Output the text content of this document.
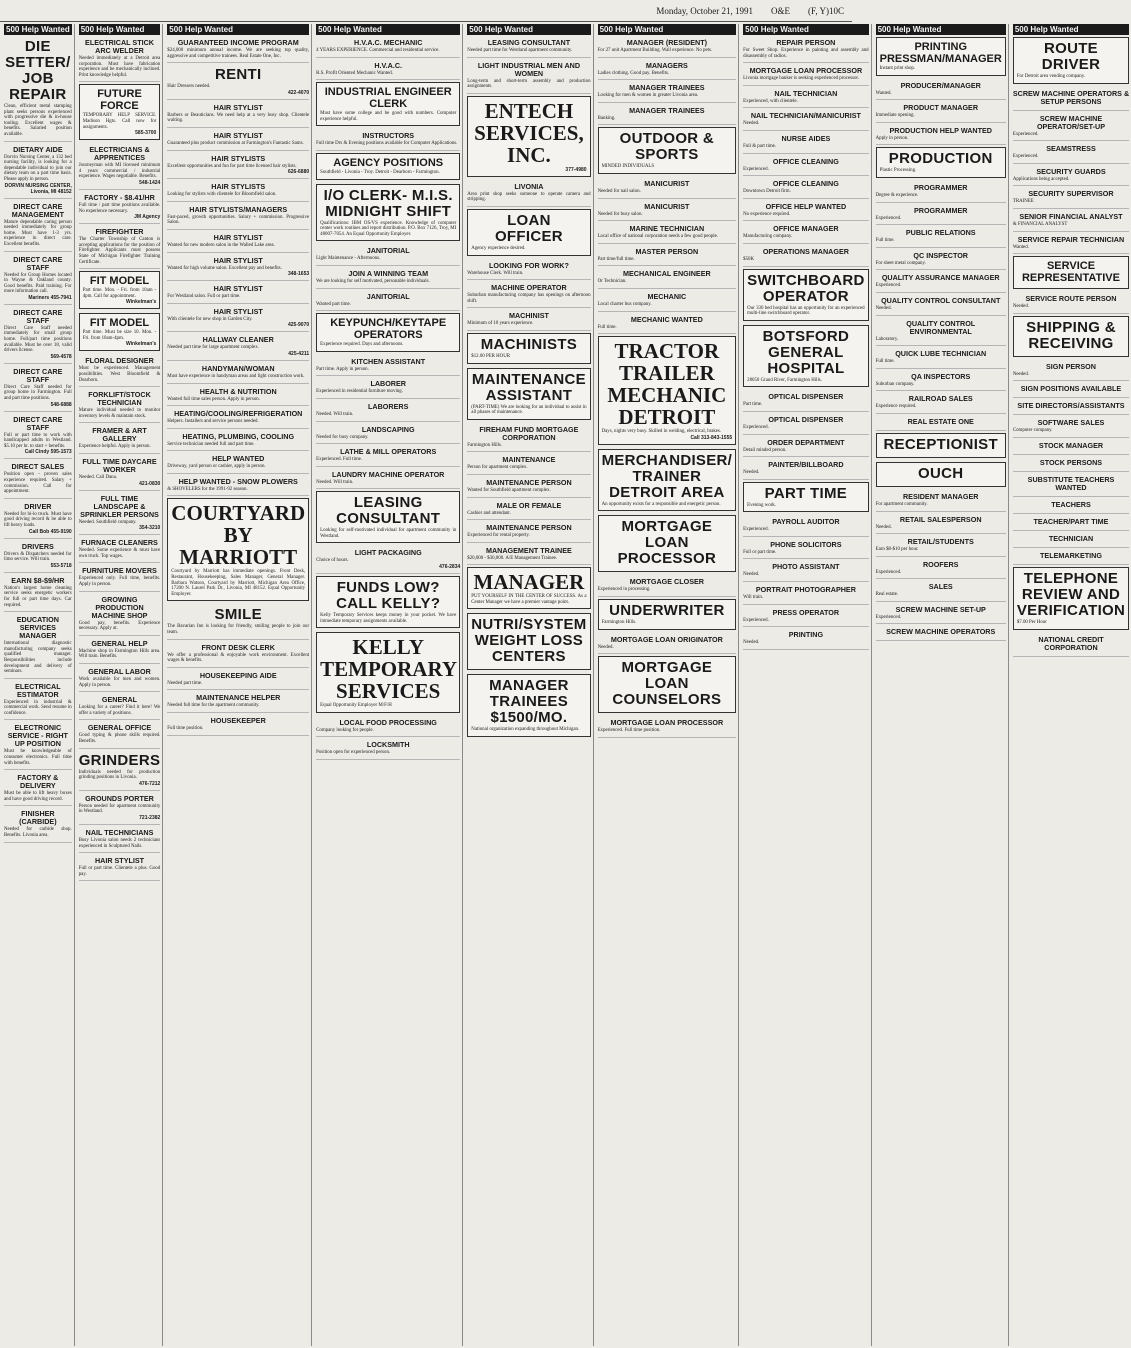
Monday, October 21, 1991 O&E (F, Y)10C
500 Help Wanted
DIE SETTER/ JOB REPAIR
Clean, efficient metal stamping plant seeks persons experienced with progressive die & in-house tooling. Excellent wages & benefits. Salaried position available.
DIETARY AIDE
Dorvin Nursing Center, a 132 bed nursing facility, is looking for a dependable individual to join our dietary team on a part time basis. Please apply in person.
DORVIN NURSING CENTER, Livonia, MI 48152
DIRECT CARE MANAGEMENT
Mature dependable caring person needed immediately for group home. Must have 1-3 yrs. experience in direct care. Excellent benefits.
DIRECT CARE STAFF
Needed for Group Homes located in Wayne & Oakland county. Good benefits. Paid training. For more information call.
Mariners 455-7941
DIRECT CARE STAFF
Direct Care Staff needed immediately for small group home. Full/part time positions available. Must be over 18, valid drivers license.
569-4578
DIRECT CARE STAFF
Direct Care Staff needed for group home in Farmington. Full and part time positions.
548-6888
DIRECT CARE STAFF
Full or part time to work with handicapped adults in Westland. $5.10 per hr. to start + benefits.
Call Cindy 595-1573
DIRECT SALES
Position open - proven sales experience required. Salary + commission. Call for appointment.
DRIVER
Needed for hi-lo truck. Must have good driving record & be able to lift heavy loads.
Call Bob 455-9190
DRIVERS
Drivers & Dispatchers needed for limo service. Will train.
553-5718
EARN $8-$9/HR
Nation's largest home cleaning service seeks energetic workers for full or part time days. Car required.
EDUCATION SERVICES MANAGER
International diagnostic manufacturing company seeks qualified manager. Responsibilities include development and delivery of seminars.
ELECTRICAL ESTIMATOR
Experienced in industrial & commercial work. Send resume in confidence.
ELECTRONIC SERVICE - RIGHT UP POSITION
Must be knowledgeable of consumer electronics. Full time with benefits.
FACTORY & DELIVERY
Must be able to lift heavy boxes and have good driving record.
FINISHER (CARBIDE)
Needed for carbide shop. Benefits. Livonia area.
500 Help Wanted
ELECTRICAL STICK ARC WELDER
Needed immediately at a Detroit area corporation. Must have fabrication experience and be mechanically inclined. Print knowledge helpful.
FUTURE FORCE
TEMPORARY HELP SERVICE. Madison Hgts. Call now for assignments.
585-3700
ELECTRICIANS & APPRENTICES
Journeyman with MI licensed minimum 4 years commercial / industrial experience. Wages negotiable. Benefits.
548-1424
FACTORY - $8.41/HR
Full time / part time positions available. No experience necessary.
JM Agency
FIREFIGHTER
The Charter Township of Canton is accepting applications for the position of Firefighter. Applicants must possess State of Michigan Firefighter Training Certificate.
FIT MODEL
Part time. Mon. - Fri. from 10am - 4pm. Call for appointment.
Winkelman's
FIT MODEL
Part time. Must be size 10. Mon. - Fri. from 10am-4pm.
Winkelman's
FLORAL DESIGNER
Must be experienced. Management possibilities. West Bloomfield & Dearborn.
FORKLIFT/STOCK TECHNICIAN
Mature individual needed to monitor inventory levels & maintain stock.
FRAMER & ART GALLERY
Experience helpful. Apply in person.
FULL TIME DAYCARE WORKER
Needed. Call Dana.
421-0830
FULL TIME LANDSCAPE & SPRINKLER PERSONS
Needed. Southfield company.
354-3210
FURNACE CLEANERS
Needed. Some experience & must have own truck. Top wages.
FURNITURE MOVERS
Experienced only. Full time, benefits. Apply in person.
GROWING PRODUCTION MACHINE SHOP
Good pay, benefits. Experience necessary. Apply at.
GENERAL HELP
Machine shop in Farmington Hills area. Will train. Benefits.
GENERAL LABOR
Work available for men and women. Apply in person.
GENERAL
Looking for a career? Find it here! We offer a variety of positions.
GENERAL OFFICE
Good typing & phone skills required. Benefits.
GRINDERS
Individuals needed for production grinding positions in Livonia.
476-7212
GROUNDS PORTER
Person needed for apartment community in Westland.
721-2382
NAIL TECHNICIANS
Busy Livonia salon needs 2 technicians experienced in Sculptured Nails.
HAIR STYLIST
Full or part time. Clientele a plus. Good pay.
500 Help Wanted
GUARANTEED INCOME PROGRAM
$24,000 minimum annual income. We are seeking top quality, aggressive and competitive trainees. Real Estate One, Inc.
RENTI
Hair Dressers needed.
422-4070
HAIR STYLIST
Barbers or Beauticians. We need help at a very busy shop. Clientele waiting.
HAIR STYLIST
Guaranteed plus product commission at Farmington's Fantastic Sams.
HAIR STYLISTS
Excellent opportunities and fun for part time licensed hair stylists.
626-6880
HAIR STYLISTS
Looking for stylists with clientele for Bloomfield salon.
HAIR STYLISTS/MANAGERS
Fast-paced, growth opportunities. Salary + commission. Progressive Salon.
HAIR STYLIST
Wanted for new modern salon in the Walled Lake area.
HAIR STYLIST
Wanted for high volume salon. Excellent pay and benefits.
348-1653
HAIR STYLIST
For Westland salon. Full or part time.
HAIR STYLIST
With clientele for new shop in Garden City.
425-9070
HALLWAY CLEANER
Needed part time for large apartment complex.
425-4211
HANDYMAN/WOMAN
Must have experience in handyman areas and light construction work.
HEALTH & NUTRITION
Wanted full time sales person. Apply in person.
HEATING/COOLING/REFRIGERATION
Helpers. Installers and service persons needed.
HEATING, PLUMBING, COOLING
Service technician needed full and part time.
HELP WANTED
Driveway, yard person or cashier, apply in person.
HELP WANTED - SNOW PLOWERS
& SHOVELERS for the 1991-92 season.
COURTYARD BY MARRIOTT
Courtyard by Marriott has immediate openings. Front Desk, Restaurant, Housekeeping, Sales Manager, General Manager. Barbara Watson, Courtyard by Marriott, Michigan Area Office, 17200 N. Laurel Park Dr., Livonia, MI 48152. Equal Opportunity Employer.
SMILE
The Bavarian Inn is looking for friendly, smiling people to join our team.
FRONT DESK CLERK
We offer a professional & enjoyable work environment. Excellent wages & benefits.
HOUSEKEEPING AIDE
Needed part time.
MAINTENANCE HELPER
Needed full time for the apartment community.
HOUSEKEEPER
Full time position.
500 Help Wanted
H.V.A.C. MECHANIC
4 YEARS EXPERIENCE. Commercial and residential service.
H.V.A.C.
R.S. Profit Oriented Mechanic Wanted.
INDUSTRIAL ENGINEER CLERK
Must have some college and be good with numbers. Computer experience helpful.
INSTRUCTORS
Full time Drs & Evening positions available for Computer Applications.
AGENCY POSITIONS
Southfield - Livonia - Troy. Detroit - Dearborn - Farmington.
I/O CLERK- M.I.S. MIDNIGHT SHIFT
Qualifications: IBM OS/VS experience. Knowledge of computer center work routines and report distribution. P.O. Box 7126, Troy, MI 48007-7054. An Equal Opportunity Employer.
JANITORIAL
Light Maintenance - Afternoons.
JOIN A WINNING TEAM
We are looking for self motivated, personable individuals.
JANITORIAL
Wanted part time.
KEYPUNCH/KEYTAPE OPERATORS
Experience required. Days and afternoons.
KITCHEN ASSISTANT
Part time. Apply in person.
LABORER
Experienced in residential furniture moving.
LABORERS
Needed. Will train.
LANDSCAPING
Needed for busy company.
LATHE & MILL OPERATORS
Experienced. Full time.
LAUNDRY MACHINE OPERATOR
Needed. Will train.
LEASING CONSULTANT
Looking for self-motivated individual for apartment community in Westland.
LIGHT PACKAGING
Choice of hours.
476-2834
FUNDS LOW? CALL KELLY?
Kelly Temporary Services keeps money in your pocket. We have immediate temporary assignments available.
KELLY TEMPORARY SERVICES
Equal Opportunity Employer M/F/H
LOCAL FOOD PROCESSING
Company looking for people.
LOCKSMITH
Position open for experienced person.
500 Help Wanted
LEASING CONSULTANT
Needed part time for Westland apartment community.
LIGHT INDUSTRIAL MEN AND WOMEN
Long-term and short-term assembly and production assignments.
ENTECH SERVICES, INC.
377-4980
LIVONIA
Area print shop seeks someone to operate camera and stripping.
LOAN OFFICER
Agency experience desired.
LOOKING FOR WORK?
Warehouse Clerk. Will train.
MACHINE OPERATOR
Suburban manufacturing company has openings on afternoon shift.
MACHINIST
Minimum of 10 years experience.
MACHINISTS
$12.00 PER HOUR
MAINTENANCE ASSISTANT
(PART-TIME) We are looking for an individual to assist in all phases of maintenance.
FIREHAM FUND MORTGAGE CORPORATION
Farmington Hills.
MAINTENANCE
Person for apartment complex.
MAINTENANCE PERSON
Wanted for Southfield apartment complex.
MALE OR FEMALE
Cashier and attendant.
MAINTENANCE PERSON
Experienced for rental property.
MANAGEMENT TRAINEE
$20,000 - $30,000. A/E Management Trainee.
MANAGER
PUT YOURSELF IN THE CENTER OF SUCCESS. As a Center Manager we have a premier vantage point.
NUTRI/SYSTEM WEIGHT LOSS CENTERS
MANAGER TRAINEES $1500/MO.
National organization expanding throughout Michigan.
500 Help Wanted
MANAGER (RESIDENT)
For 27 unit Apartment Building. Wall experience. No pets.
MANAGERS
Ladies clothing. Good pay. Benefits.
MANAGER TRAINEES
Looking for men & women in greater Livonia area.
MANAGER TRAINEES
Banking.
OUTDOOR & SPORTS
MINDED INDIVIDUALS
MANICURIST
Needed for nail salon.
MANICURIST
Needed for busy salon.
MARINE TECHNICIAN
Local office of national corporation needs a few good people.
MASTER PERSON
Part time/full time.
MECHANICAL ENGINEER
Or Technician.
MECHANIC
Local charter bus company.
MECHANIC WANTED
Full time.
TRACTOR TRAILER MECHANIC DETROIT
Days, nights very busy. Skilled in welding, electrical, brakes.
Call 313-843-1555
MERCHANDISER/ TRAINER DETROIT AREA
An opportunity exists for a responsible and energetic person.
MORTGAGE LOAN PROCESSOR
MORTGAGE CLOSER
Experienced in processing.
UNDERWRITER
Farmington Hills.
MORTGAGE LOAN ORIGINATOR
Needed.
MORTGAGE LOAN COUNSELORS
MORTGAGE LOAN PROCESSOR
Experienced. Full time position.
500 Help Wanted
REPAIR PERSON
For Sweet Shop. Experience in painting and assembly and disassembly of radios.
MORTGAGE LOAN PROCESSOR
Livonia mortgage banker is seeking experienced processor.
NAIL TECHNICIAN
Experienced, with clientele.
NAIL TECHNICIAN/MANICURIST
Needed.
NURSE AIDES
Full & part time.
OFFICE CLEANING
Experienced.
OFFICE CLEANING
Downtown Detroit firm.
OFFICE HELP WANTED
No experience required.
OFFICE MANAGER
Manufacturing company.
OPERATIONS MANAGER
$50K
SWITCHBOARD OPERATOR
Our 330 bed hospital has an opportunity for an experienced multi-line switchboard operator.
BOTSFORD GENERAL HOSPITAL
28050 Grand River, Farmington Hills.
OPTICAL DISPENSER
Part time.
OPTICAL DISPENSER
Experienced.
ORDER DEPARTMENT
Detail minded person.
PAINTER/BILLBOARD
Needed.
PART TIME
Evening work.
PAYROLL AUDITOR
Experienced.
PHONE SOLICITORS
Full or part time.
PHOTO ASSISTANT
Needed.
PORTRAIT PHOTOGRAPHER
Will train.
PRESS OPERATOR
Experienced.
PRINTING
Needed.
500 Help Wanted
PRINTING PRESSMAN/MANAGER
Instant print shop.
PRODUCER/MANAGER
Wanted.
PRODUCT MANAGER
Immediate opening.
PRODUCTION HELP WANTED
Apply in person.
PRODUCTION
Plastic Processing.
PROGRAMMER
Degree & experience.
PROGRAMMER
Experienced.
PUBLIC RELATIONS
Full time.
QC INSPECTOR
For sheet metal company.
QUALITY ASSURANCE MANAGER
Experienced.
QUALITY CONTROL CONSULTANT
Needed.
QUALITY CONTROL ENVIRONMENTAL
Laboratory.
QUICK LUBE TECHNICIAN
Full time.
QA INSPECTORS
Suburban company.
RAILROAD SALES
Experience required.
REAL ESTATE ONE
RECEPTIONIST
OUCH
RESIDENT MANAGER
For apartment community.
RETAIL SALESPERSON
Needed.
RETAIL/STUDENTS
Earn $8-$10 per hour.
ROOFERS
Experienced.
SALES
Real estate.
SCREW MACHINE SET-UP
Experienced.
SCREW MACHINE OPERATORS
500 Help Wanted
ROUTE DRIVER
For Detroit area vending company.
SCREW MACHINE OPERATORS & SETUP PERSONS
SCREW MACHINE OPERATOR/SET-UP
Experienced.
SEAMSTRESS
Experienced.
SECURITY GUARDS
Applications being accepted.
SECURITY SUPERVISOR
TRAINEE
SENIOR FINANCIAL ANALYST
& FINANCIAL ANALYST
SERVICE REPAIR TECHNICIAN
Wanted.
SERVICE REPRESENTATIVE
SERVICE ROUTE PERSON
Needed.
SHIPPING & RECEIVING
SIGN PERSON
Needed.
SIGN POSITIONS AVAILABLE
SITE DIRECTORS/ASSISTANTS
SOFTWARE SALES
Computer company.
STOCK MANAGER
STOCK PERSONS
SUBSTITUTE TEACHERS WANTED
TEACHERS
TEACHER/PART TIME
TECHNICIAN
TELEMARKETING
TELEPHONE REVIEW AND VERIFICATION
$7.00 Per Hour
NATIONAL CREDIT CORPORATION
